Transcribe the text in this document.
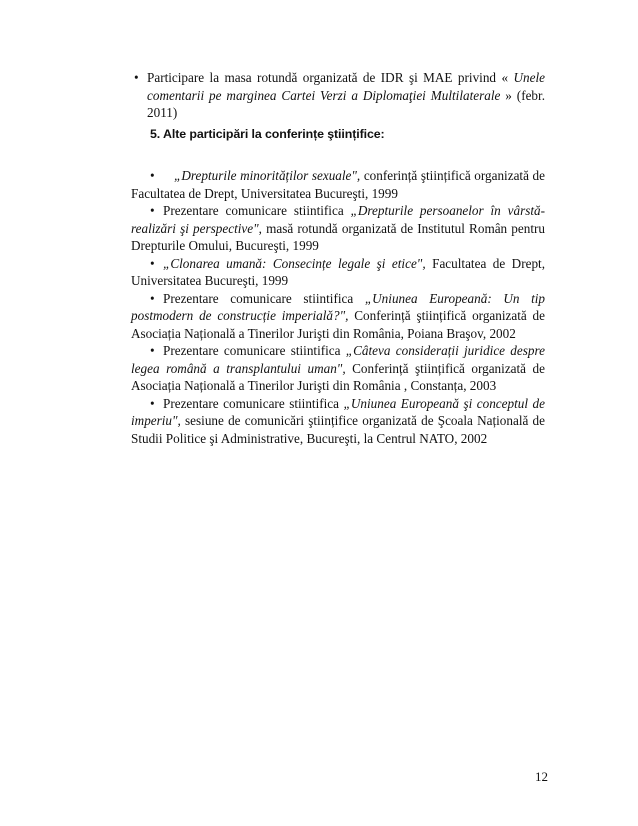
• Participare la masa rotundă organizată de IDR şi MAE privind « Unele comentarii pe marginea Cartei Verzi a Diplomaţiei Multilaterale » (febr. 2011)
5. Alte participări la conferințe ştiințifice:

• „Drepturile minorităților sexuale", conferință ştiințifică organizată de Facultatea de Drept, Universitatea Bucureşti, 1999

• Prezentare comunicare stiintifica „Drepturile persoanelor în vârstă-realizări şi perspective", masă rotundă organizată de Institutul Român pentru Drepturile Omului, Bucureşti, 1999

• „Clonarea umană: Consecințe legale şi etice", Facultatea de Drept, Universitatea Bucureşti, 1999

• Prezentare comunicare stiintifica „Uniunea Europeană: Un tip postmodern de construcție imperială?", Conferință ştiințifică organizată de Asociația Națională a Tinerilor Jurişti din România, Poiana Braşov, 2002

• Prezentare comunicare stiintifica „Câteva considerații juridice despre legea română a transplantului uman", Conferință ştiințifică organizată de Asociația Națională a Tinerilor Jurişti din România , Constanța, 2003

• Prezentare comunicare stiintifica „Uniunea Europeană şi conceptul de imperiu", sesiune de comunicări ştiințifice organizată de Şcoala Națională de Studii Politice şi Administrative, Bucureşti, la Centrul NATO, 2002

12
